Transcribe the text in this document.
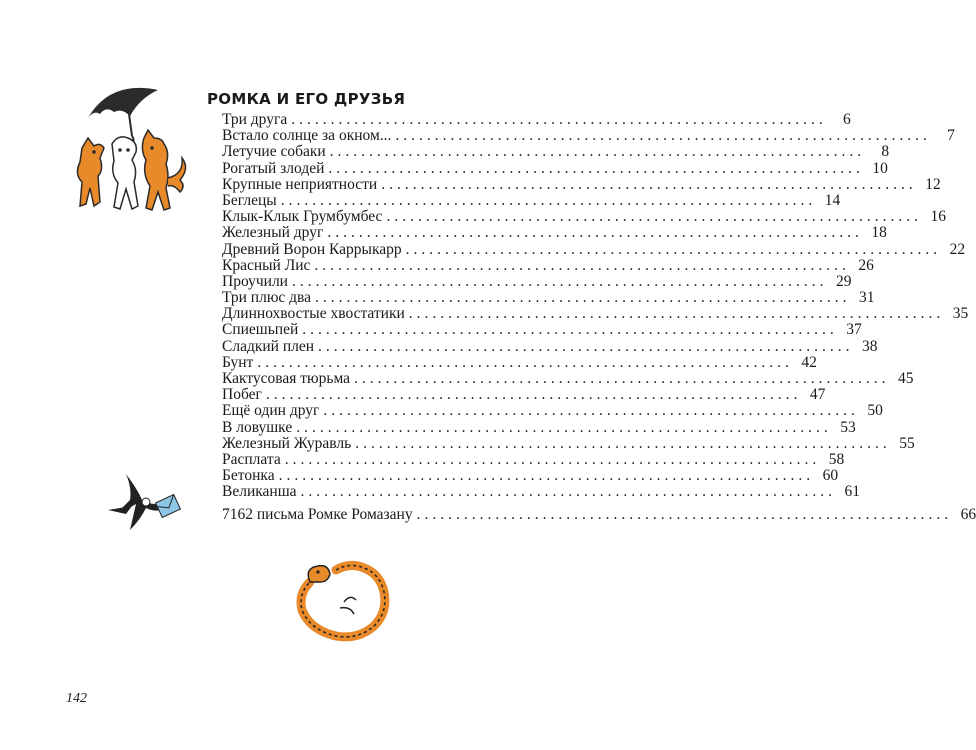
РОМКА И ЕГО ДРУЗЬЯ
Три друга ....................................................................	6
Встало солнце за окном... ....................................................................	7
Летучие собаки ....................................................................	8
Рогатый злодей .................................................................... 10
Крупные неприятности .................................................................... 12
Беглецы .................................................................... 14
Клык-Клык Грумбумбес .................................................................... 16
Железный друг .................................................................... 18
Древний Ворон Каррыкарр .................................................................... 22
Красный Лис .................................................................... 26
Проучили .................................................................... 29
Три плюс два .................................................................... 31
Длиннохвостые хвостатики .................................................................... 35
Спиешьпей .................................................................... 37
Сладкий плен .................................................................... 38
Бунт .................................................................... 42
Кактусовая тюрьма .................................................................... 45
Побег .................................................................... 47
Ещё один друг .................................................................... 50
В ловушке .................................................................... 53
Железный Журавль .................................................................... 55
Расплата .................................................................... 58
Бетонка .................................................................... 60
Великанша .................................................................... 61
7162 письма Ромке Ромазану .................................................................... 66
142
